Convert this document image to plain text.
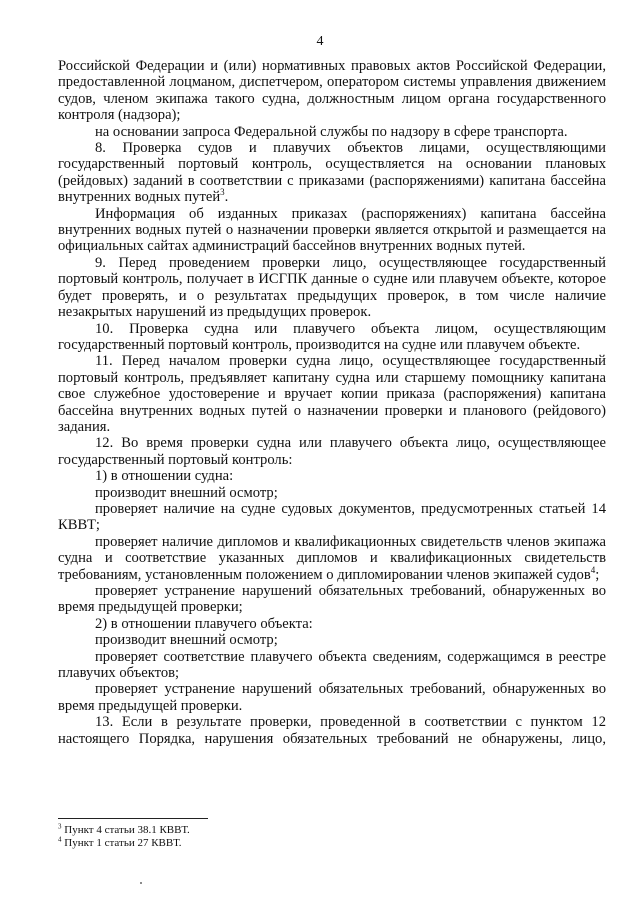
4

Российской Федерации и (или) нормативных правовых актов Российской Федерации, предоставленной лоцманом, диспетчером, оператором системы управления движением судов, членом экипажа такого судна, должностным лицом органа государственного контроля (надзора);

на основании запроса Федеральной службы по надзору в сфере транспорта.

8. Проверка судов и плавучих объектов лицами, осуществляющими государственный портовый контроль, осуществляется на основании плановых (рейдовых) заданий в соответствии с приказами (распоряжениями) капитана бассейна внутренних водных путей$^3$.

Информация об изданных приказах (распоряжениях) капитана бассейна внутренних водных путей о назначении проверки является открытой и размещается на официальных сайтах администраций бассейнов внутренних водных путей.

9. Перед проведением проверки лицо, осуществляющее государственный портовый контроль, получает в ИСГПК данные о судне или плавучем объекте, которое будет проверять, и о результатах предыдущих проверок, в том числе наличие незакрытых нарушений из предыдущих проверок.

10. Проверка судна или плавучего объекта лицом, осуществляющим государственный портовый контроль, производится на судне или плавучем объекте.

11. Перед началом проверки судна лицо, осуществляющее государственный портовый контроль, предъявляет капитану судна или старшему помощнику капитана свое служебное удостоверение и вручает копии приказа (распоряжения) капитана бассейна внутренних водных путей о назначении проверки и планового (рейдового) задания.

12. Во время проверки судна или плавучего объекта лицо, осуществляющее государственный портовый контроль:

1) в отношении судна:

производит внешний осмотр;

проверяет наличие на судне судовых документов, предусмотренных статьей 14 КВВТ;

проверяет наличие дипломов и квалификационных свидетельств членов экипажа судна и соответствие указанных дипломов и квалификационных свидетельств требованиям, установленным положением о дипломировании членов экипажей судов$^4$;

проверяет устранение нарушений обязательных требований, обнаруженных во время предыдущей проверки;

2) в отношении плавучего объекта:

производит внешний осмотр;

проверяет соответствие плавучего объекта сведениям, содержащимся в реестре плавучих объектов;

проверяет устранение нарушений обязательных требований, обнаруженных во время предыдущей проверки.

13. Если в результате проверки, проведенной в соответствии с пунктом 12 настоящего Порядка, нарушения обязательных требований не обнаружены, лицо,

$^3$ Пункт 4 статьи 38.1 КВВТ.

$^4$ Пункт 1 статьи 27 КВВТ.
